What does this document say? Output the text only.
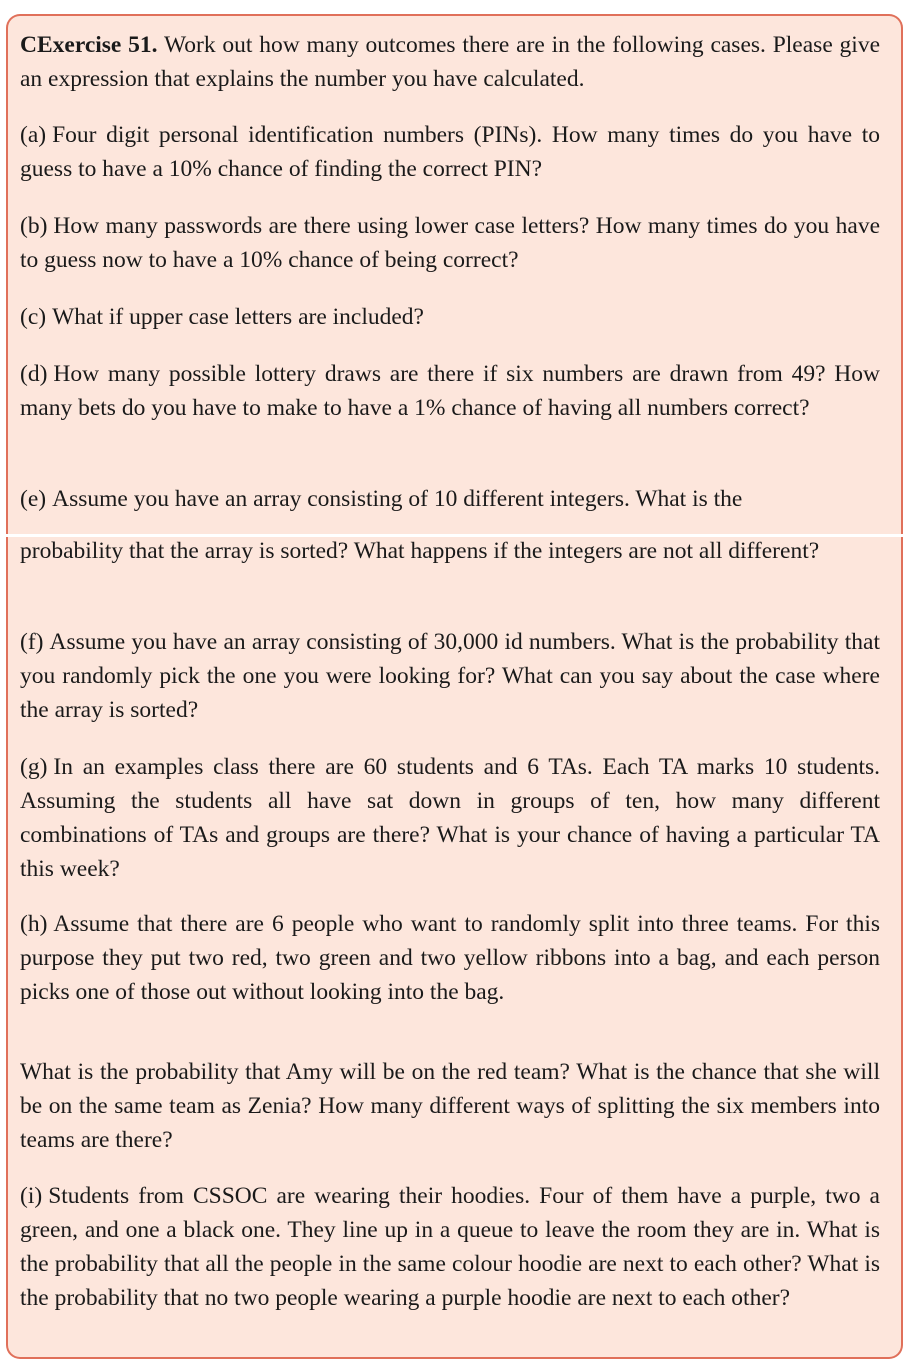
CExercise 51. Work out how many outcomes there are in the following cases. Please give an expression that explains the number you have calculated.

(a) Four digit personal identification numbers (PINs). How many times do you have to guess to have a 10% chance of finding the correct PIN?

(b) How many passwords are there using lower case letters? How many times do you have to guess now to have a 10% chance of being correct?

(c) What if upper case letters are included?

(d) How many possible lottery draws are there if six numbers are drawn from 49? How many bets do you have to make to have a 1% chance of having all numbers correct?

(e) Assume you have an array consisting of 10 different integers. What is the

probability that the array is sorted? What happens if the integers are not all different?

(f) Assume you have an array consisting of 30,000 id numbers. What is the probability that you randomly pick the one you were looking for? What can you say about the case where the array is sorted?

(g) In an examples class there are 60 students and 6 TAs. Each TA marks 10 students. Assuming the students all have sat down in groups of ten, how many different combinations of TAs and groups are there? What is your chance of having a particular TA this week?

(h) Assume that there are 6 people who want to randomly split into three teams. For this purpose they put two red, two green and two yellow ribbons into a bag, and each person picks one of those out without looking into the bag.

What is the probability that Amy will be on the red team? What is the chance that she will be on the same team as Zenia? How many different ways of splitting the six members into teams are there?

(i) Students from CSSOC are wearing their hoodies. Four of them have a purple, two a green, and one a black one. They line up in a queue to leave the room they are in. What is the probability that all the people in the same colour hoodie are next to each other? What is the probability that no two people wearing a purple hoodie are next to each other?
